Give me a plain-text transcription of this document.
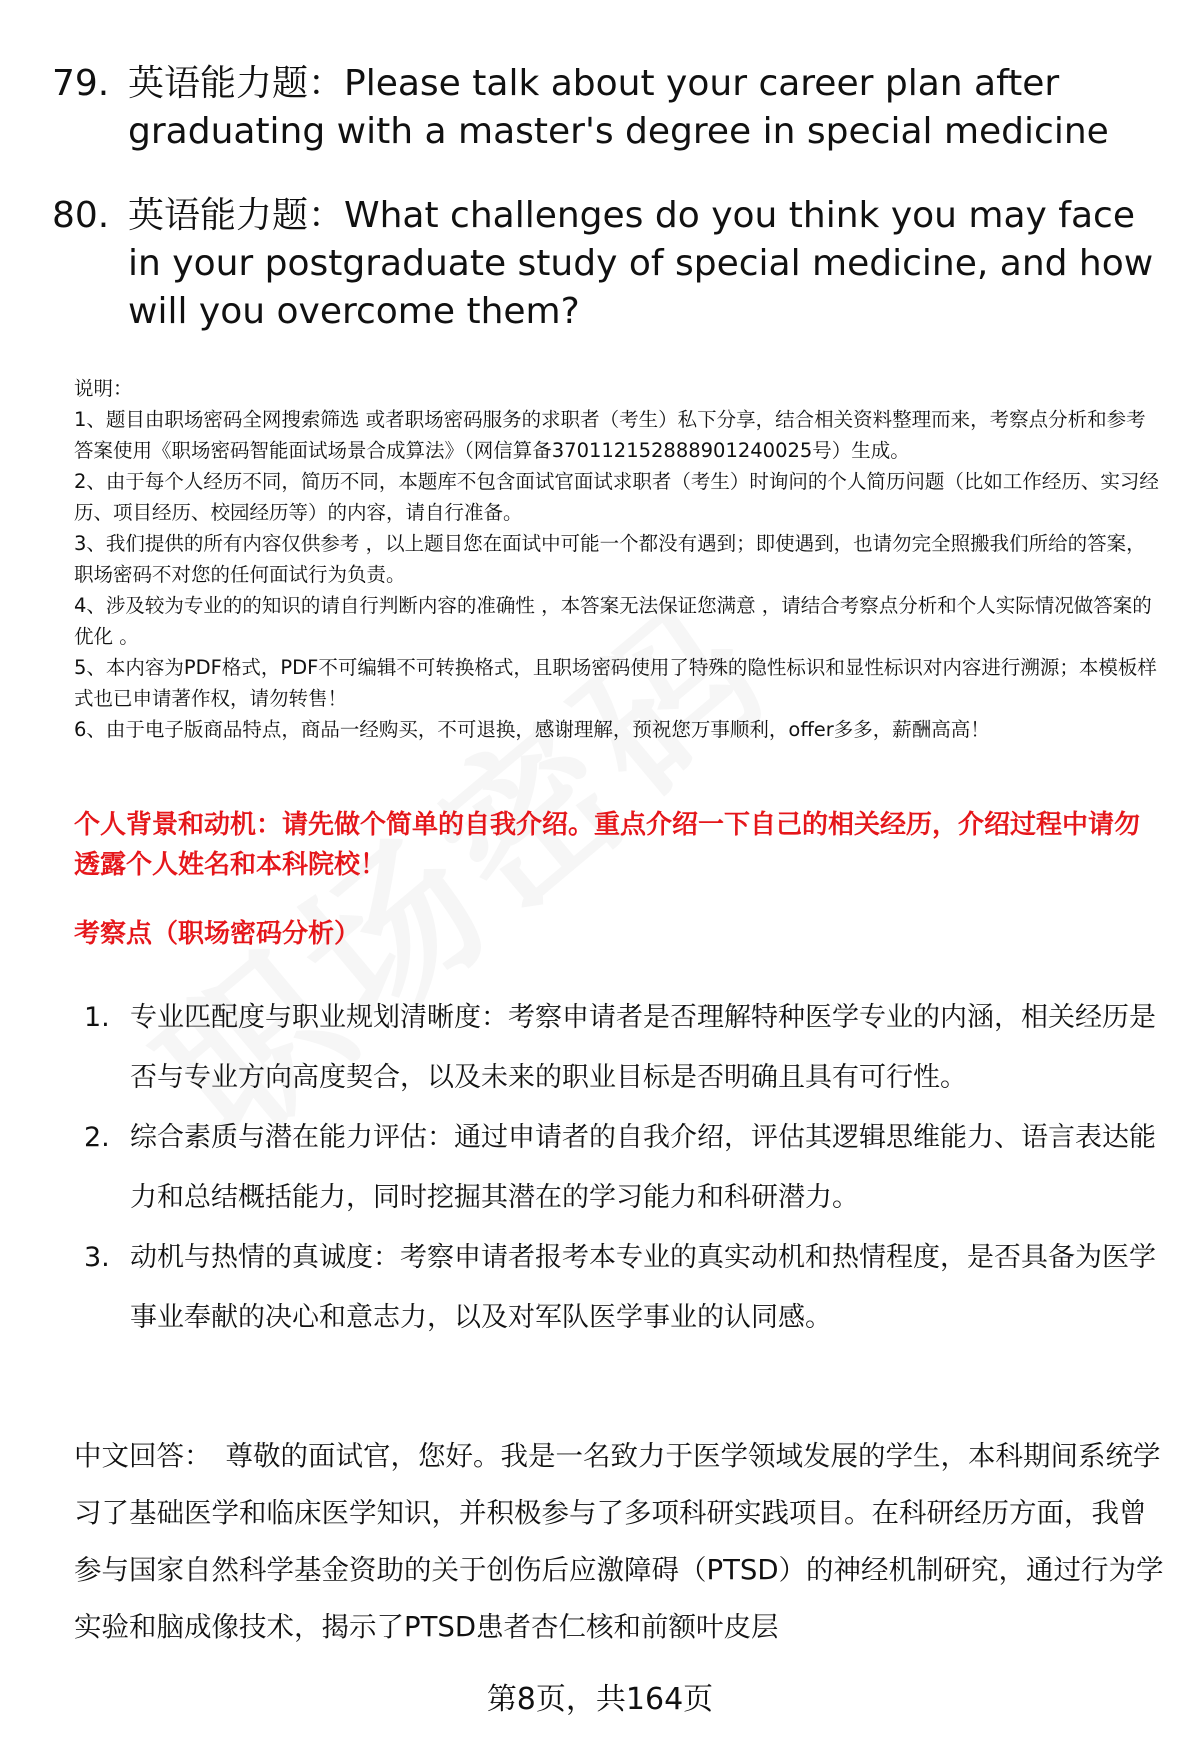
79. 英语能力题：Please talk about your career plan after graduating with a master's degree in special medicine
80. 英语能力题：What challenges do you think you may face in your postgraduate study of special medicine, and how will you overcome them?
说明：
1、题目由职场密码全网搜索筛选 或者职场密码服务的求职者（考生）私下分享，结合相关资料整理而来，考察点分析和参考答案使用《职场密码智能面试场景合成算法》（网信算备370112152888901240025号）生成。
2、由于每个人经历不同，简历不同，本题库不包含面试官面试求职者（考生）时询问的个人简历问题（比如工作经历、实习经历、项目经历、校园经历等）的内容，请自行准备。
3、我们提供的所有内容仅供参考 ，以上题目您在面试中可能一个都没有遇到；即使遇到，也请勿完全照搬我们所给的答案，职场密码不对您的任何面试行为负责。
4、涉及较为专业的的知识的请自行判断内容的准确性 ，本答案无法保证您满意 ，请结合考察点分析和个人实际情况做答案的优化 。
5、本内容为PDF格式，PDF不可编辑不可转换格式，且职场密码使用了特殊的隐性标识和显性标识对内容进行溯源；本模板样式也已申请著作权，请勿转售！
6、由于电子版商品特点，商品一经购买，不可退换，感谢理解，预祝您万事顺利，offer多多，薪酬高高！
个人背景和动机：请先做个简单的自我介绍。重点介绍一下自己的相关经历，介绍过程中请勿透露个人姓名和本科院校！
考察点（职场密码分析）
1. 专业匹配度与职业规划清晰度：考察申请者是否理解特种医学专业的内涵，相关经历是否与专业方向高度契合，以及未来的职业目标是否明确且具有可行性。
2. 综合素质与潜在能力评估：通过申请者的自我介绍，评估其逻辑思维能力、语言表达能力和总结概括能力，同时挖掘其潜在的学习能力和科研潜力。
3. 动机与热情的真诚度：考察申请者报考本专业的真实动机和热情程度，是否具备为医学事业奉献的决心和意志力，以及对军队医学事业的认同感。
中文回答： 尊敬的面试官，您好。我是一名致力于医学领域发展的学生，本科期间系统学习了基础医学和临床医学知识，并积极参与了多项科研实践项目。在科研经历方面，我曾参与国家自然科学基金资助的关于创伤后应激障碍（PTSD）的神经机制研究，通过行为学实验和脑成像技术，揭示了PTSD患者杏仁核和前额叶皮层
第8页，共164页
